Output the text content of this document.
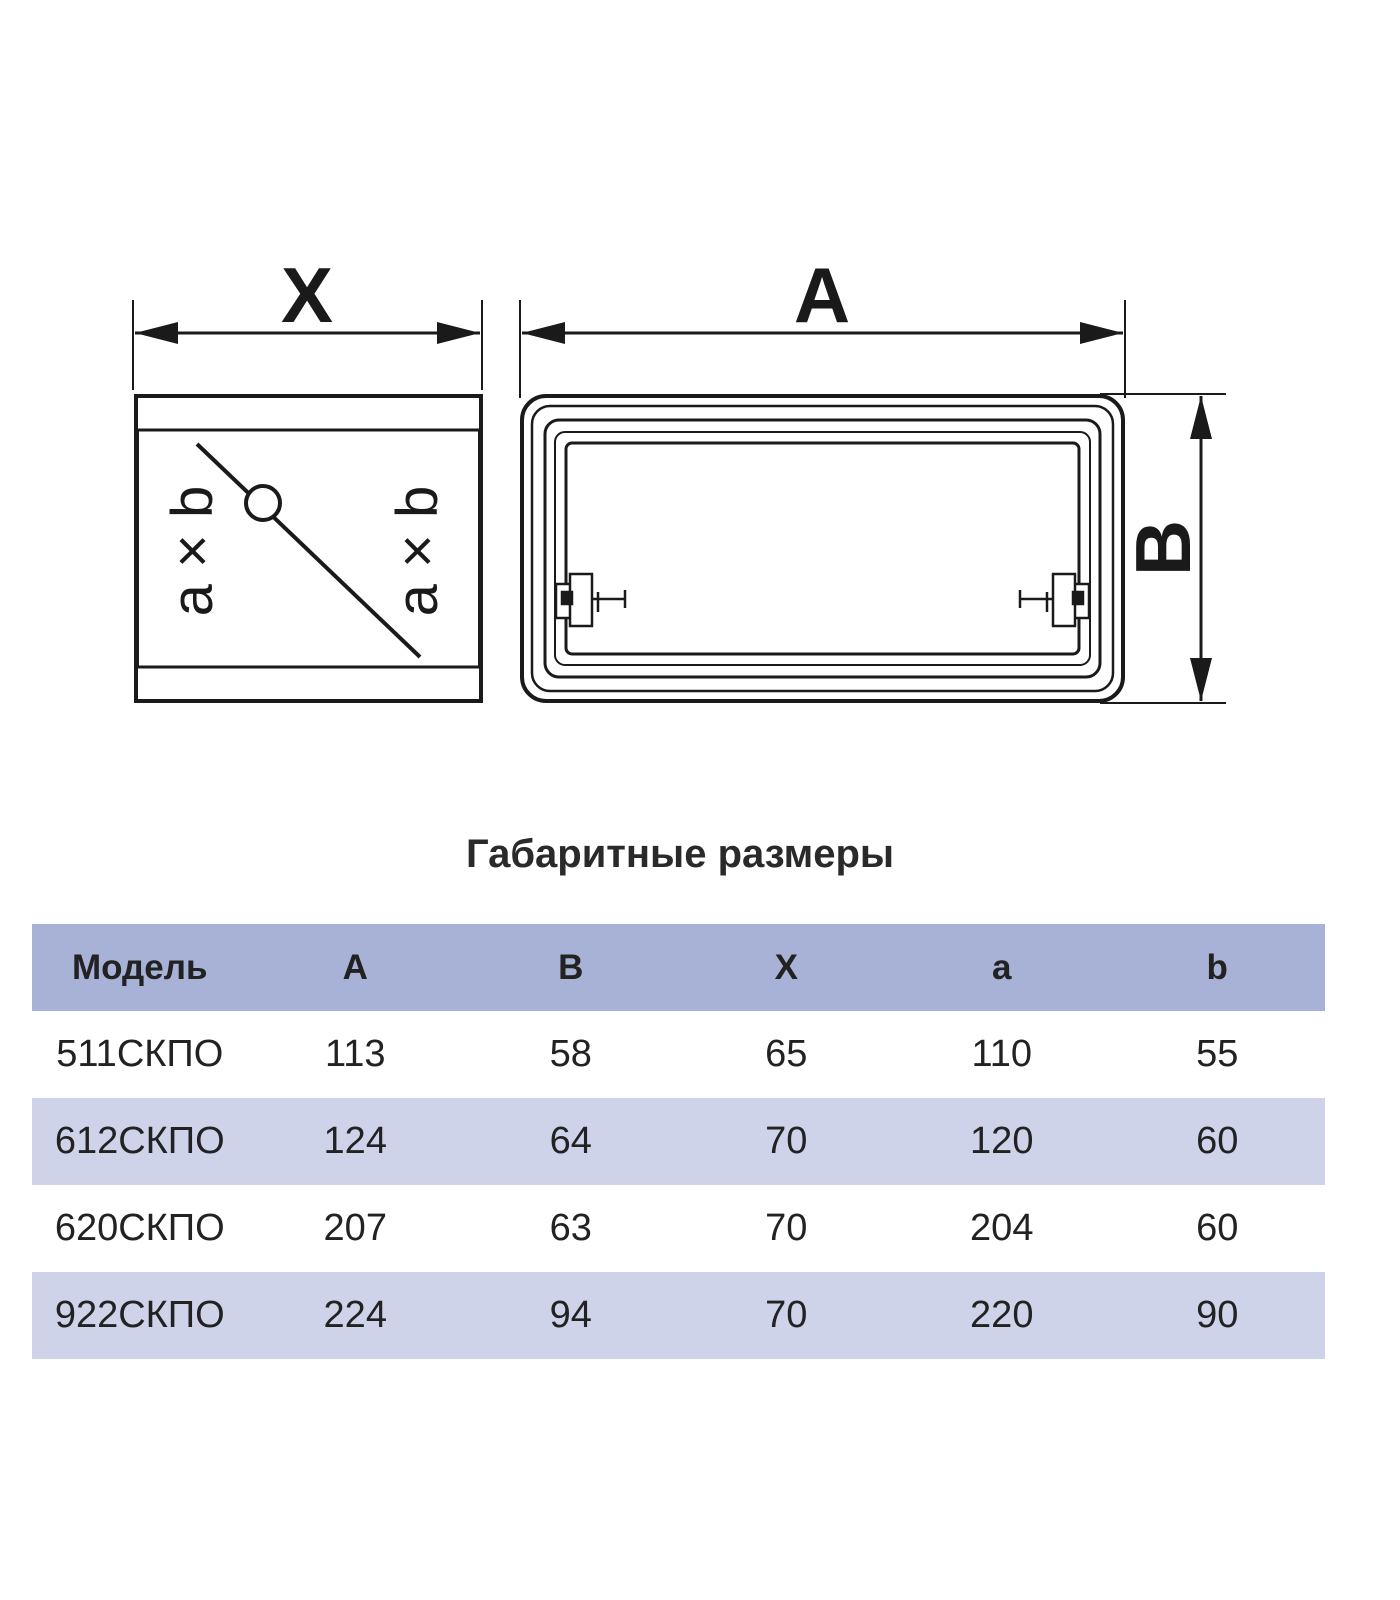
X
a × b	a × b
A
B
Габаритные размеры
Модель	A	B	X	a	b
511СКПО	113	58	65	110	55
612СКПО	124	64	70	120	60
620СКПО	207	63	70	204	60
922СКПО	224	94	70	220	90
